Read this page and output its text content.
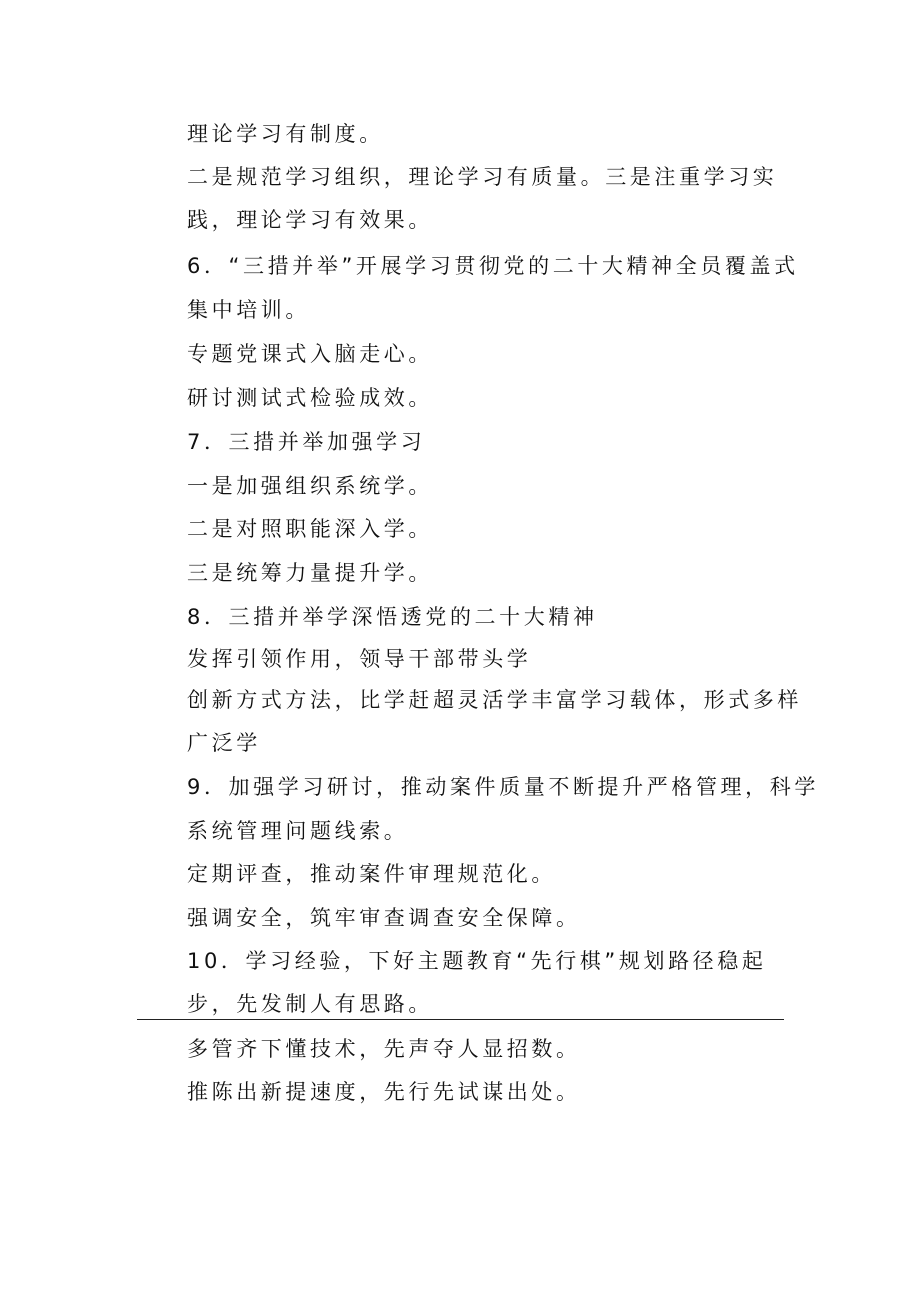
理论学习有制度。
二是规范学习组织，理论学习有质量。三是注重学习实
践，理论学习有效果。
6．“三措并举”开展学习贯彻党的二十大精神全员覆盖式
集中培训。
专题党课式入脑走心。
研讨测试式检验成效。
7．三措并举加强学习
一是加强组织系统学。
二是对照职能深入学。
三是统筹力量提升学。
8．三措并举学深悟透党的二十大精神
发挥引领作用，领导干部带头学
创新方式方法，比学赶超灵活学丰富学习载体，形式多样
广泛学
9．加强学习研讨，推动案件质量不断提升严格管理，科学
系统管理问题线索。
定期评查，推动案件审理规范化。
强调安全，筑牢审查调查安全保障。
10．学习经验，下好主题教育“先行棋”规划路径稳起
步，先发制人有思路。
多管齐下懂技术，先声夺人显招数。
推陈出新提速度，先行先试谋出处。
